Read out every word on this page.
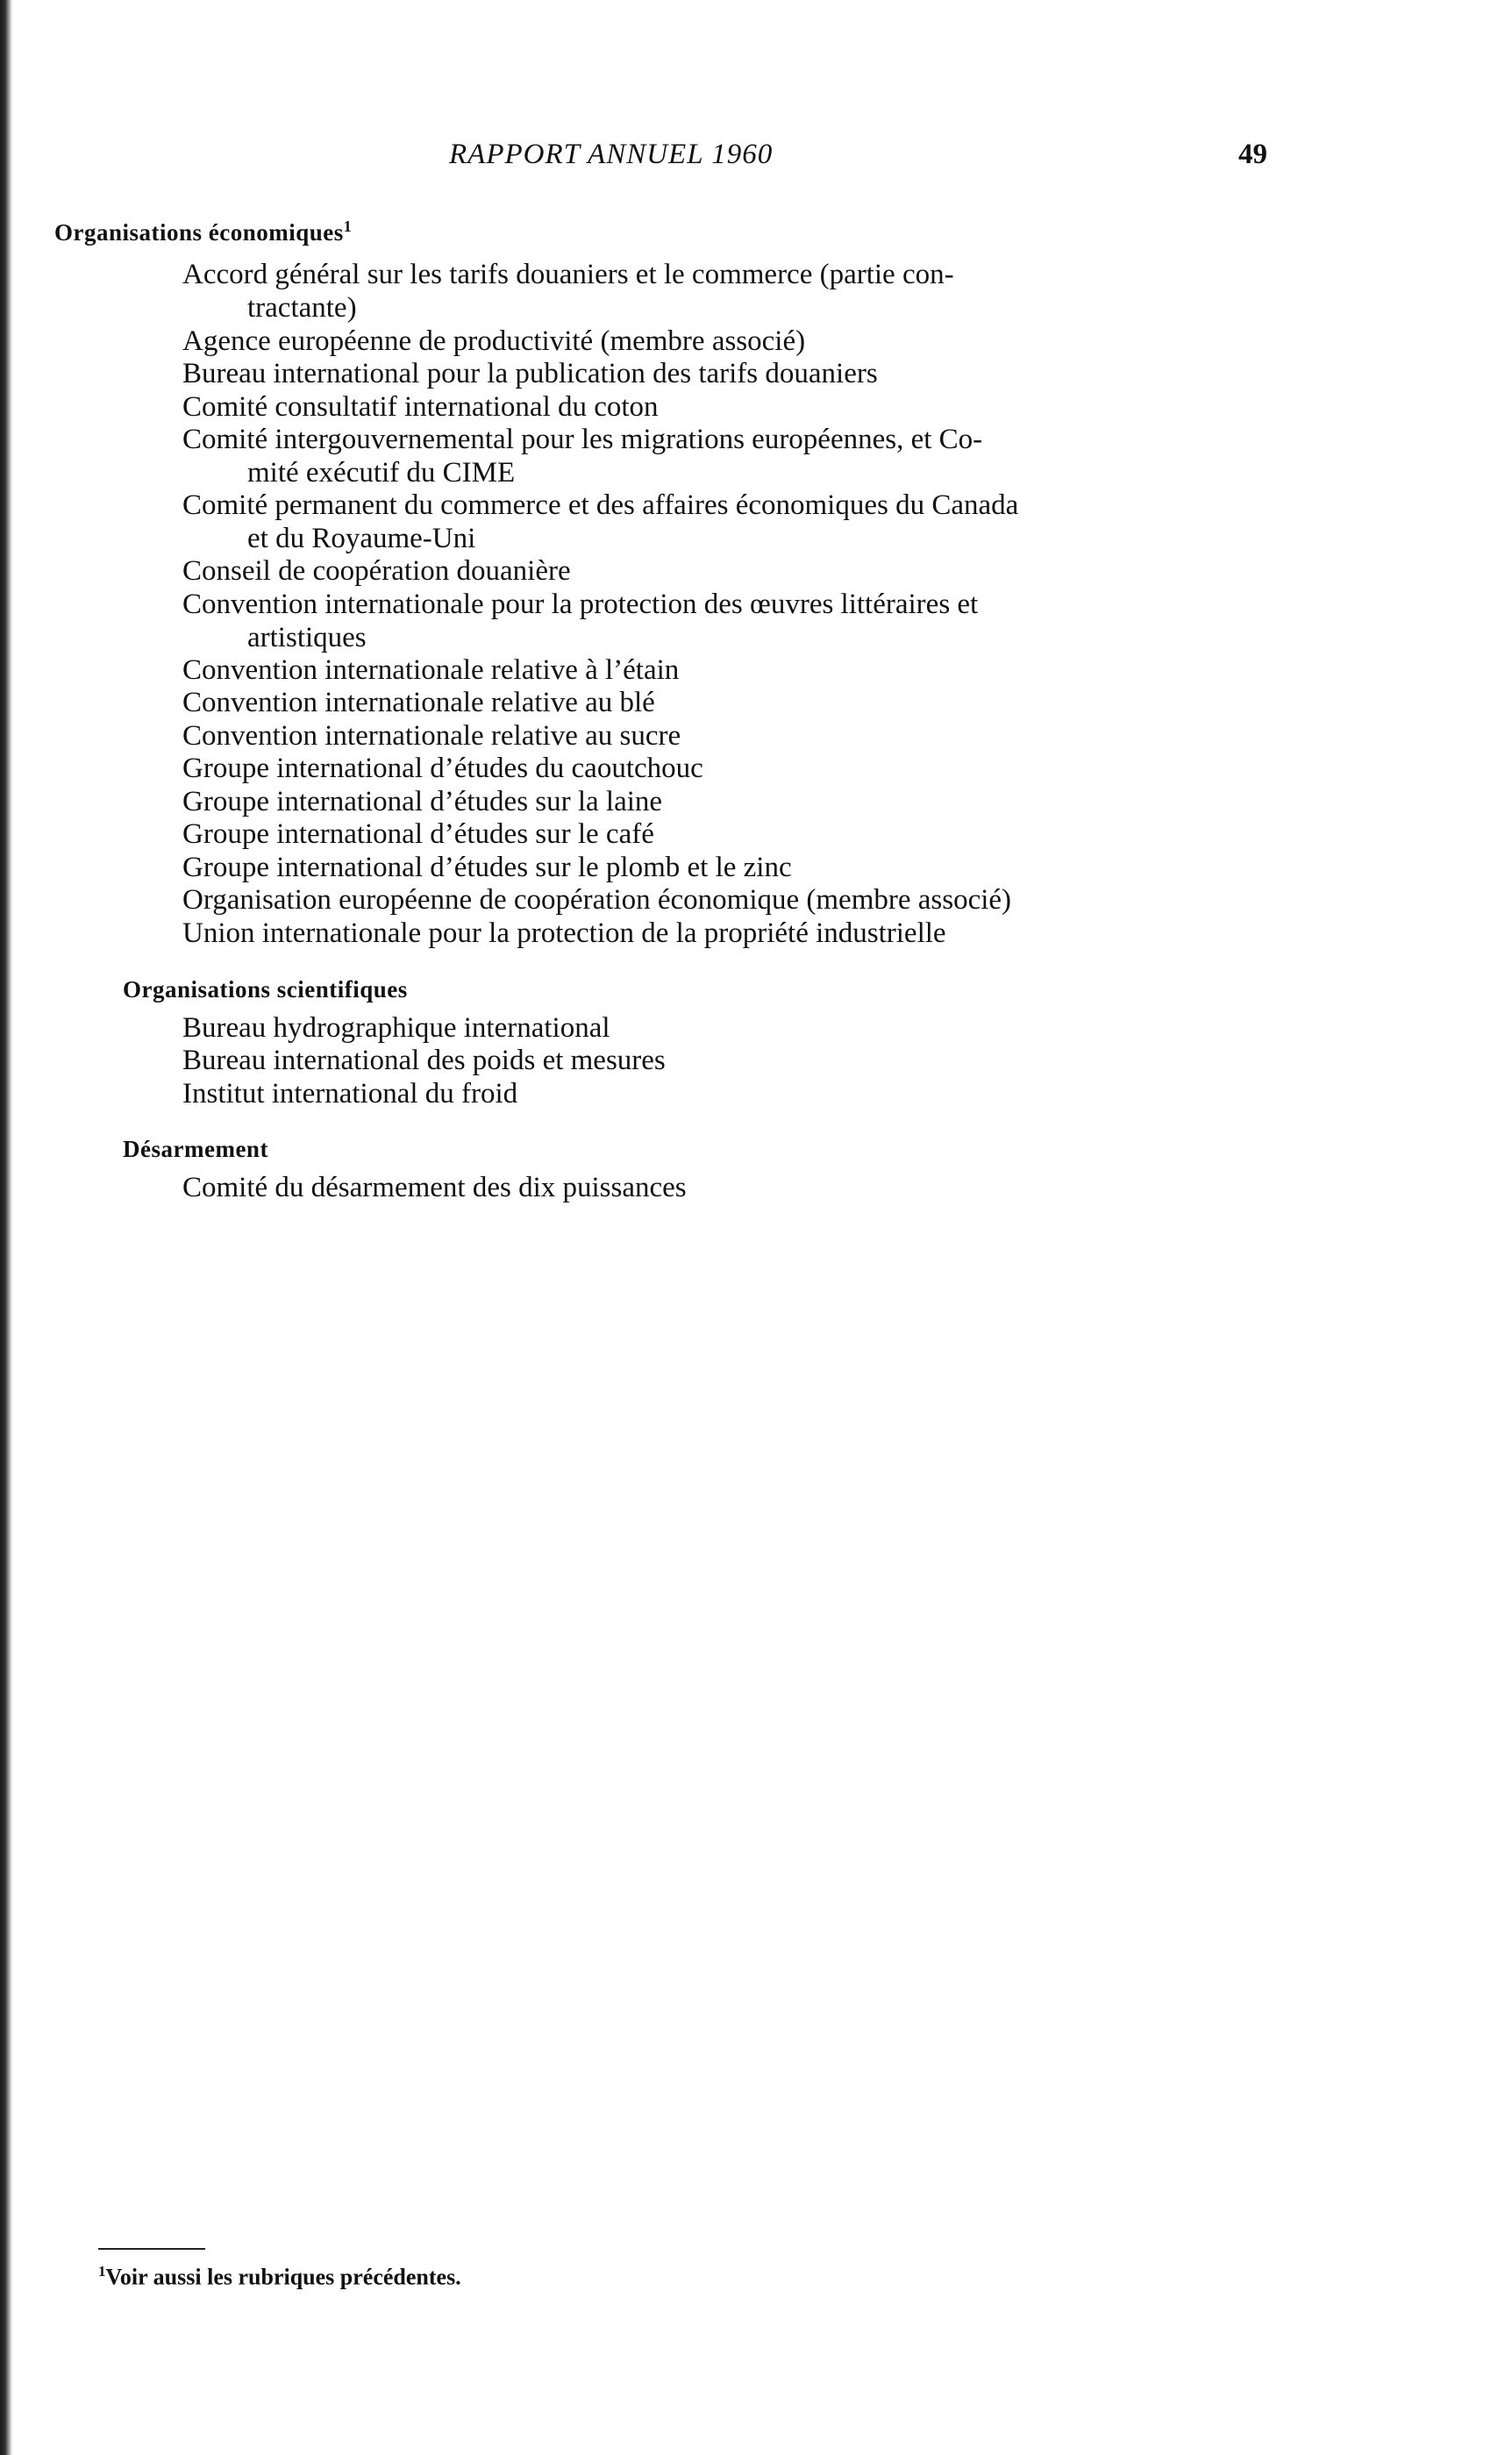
RAPPORT ANNUEL 1960	49
Organisations économiques$^1$
Accord général sur les tarifs douaniers et le commerce (partie con-
tractante)
Agence européenne de productivité (membre associé)
Bureau international pour la publication des tarifs douaniers
Comité consultatif international du coton
Comité intergouvernemental pour les migrations européennes, et Co-
mité exécutif du CIME
Comité permanent du commerce et des affaires économiques du Canada
et du Royaume-Uni
Conseil de coopération douanière
Convention internationale pour la protection des œuvres littéraires et
artistiques
Convention internationale relative à l’étain
Convention internationale relative au blé
Convention internationale relative au sucre
Groupe international d’études du caoutchouc
Groupe international d’études sur la laine
Groupe international d’études sur le café
Groupe international d’études sur le plomb et le zinc
Organisation européenne de coopération économique (membre associé)
Union internationale pour la protection de la propriété industrielle
Organisations scientifiques
Bureau hydrographique international
Bureau international des poids et mesures
Institut international du froid
Désarmement
Comité du désarmement des dix puissances
$^1$Voir aussi les rubriques précédentes.
